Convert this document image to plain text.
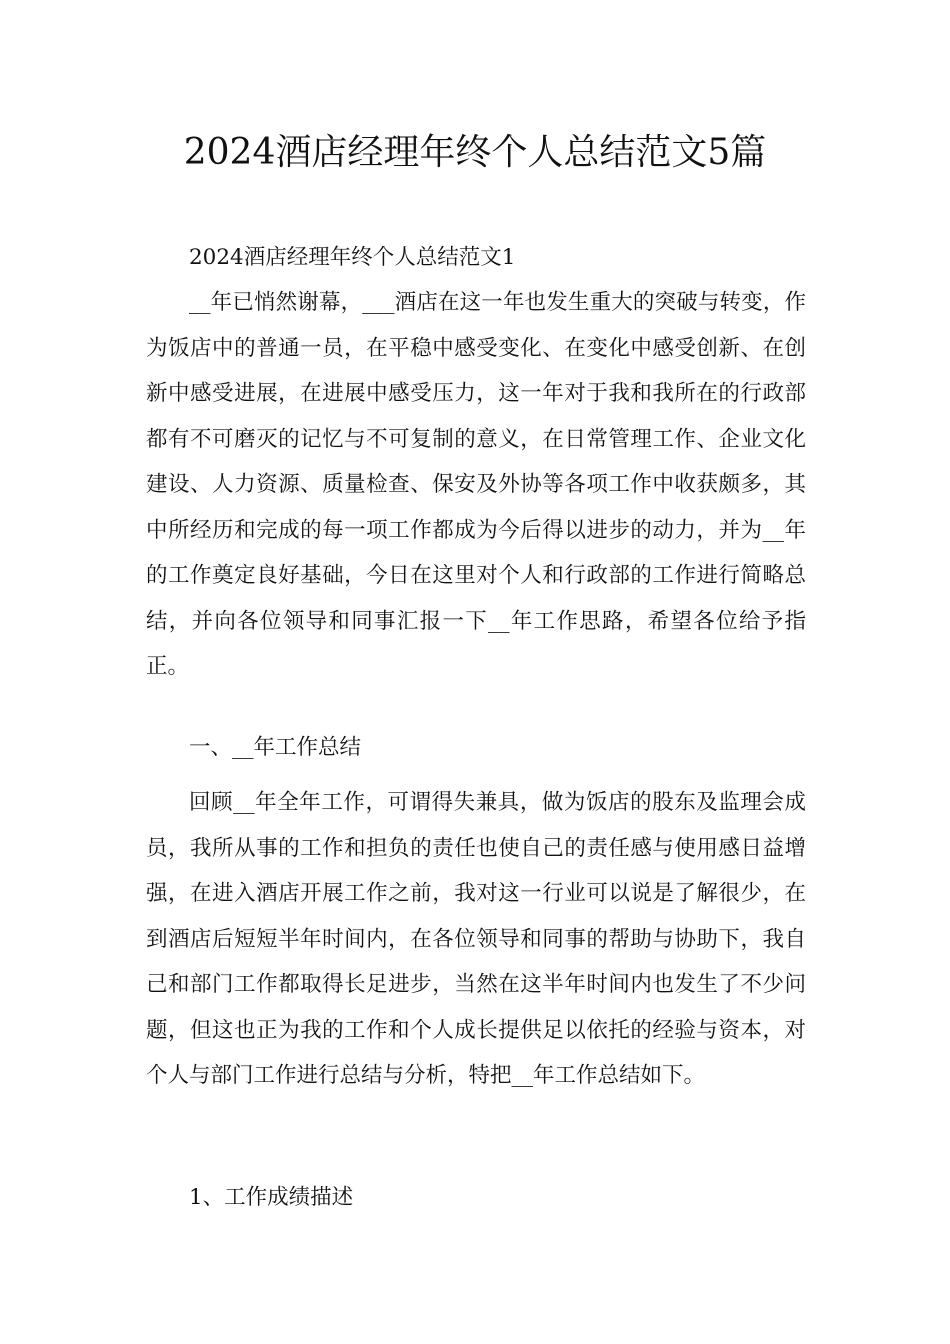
2024酒店经理年终个人总结范文5篇

2024酒店经理年终个人总结范文1

__年已悄然谢幕，___酒店在这一年也发生重大的突破与转变，作为饭店中的普通一员，在平稳中感受变化、在变化中感受创新、在创新中感受进展，在进展中感受压力，这一年对于我和我所在的行政部都有不可磨灭的记忆与不可复制的意义，在日常管理工作、企业文化建设、人力资源、质量检查、保安及外协等各项工作中收获颇多，其中所经历和完成的每一项工作都成为今后得以进步的动力，并为__年的工作奠定良好基础，今日在这里对个人和行政部的工作进行简略总结，并向各位领导和同事汇报一下__年工作思路，希望各位给予指正。

一、__年工作总结

回顾__年全年工作，可谓得失兼具，做为饭店的股东及监理会成员，我所从事的工作和担负的责任也使自己的责任感与使用感日益增强，在进入酒店开展工作之前，我对这一行业可以说是了解很少，在到酒店后短短半年时间内，在各位领导和同事的帮助与协助下，我自己和部门工作都取得长足进步，当然在这半年时间内也发生了不少问题，但这也正为我的工作和个人成长提供足以依托的经验与资本，对个人与部门工作进行总结与分析，特把__年工作总结如下。

1、工作成绩描述
